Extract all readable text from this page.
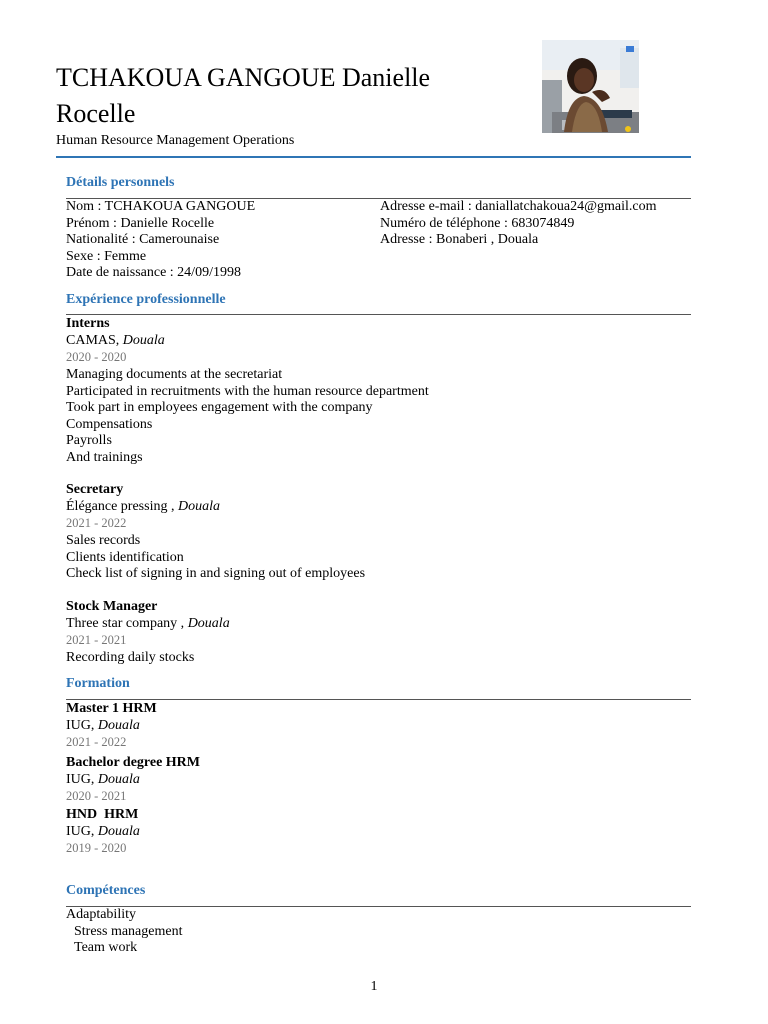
TCHAKOUA GANGOUE Danielle
Rocelle
Human Resource Management Operations
Détails personnels
Nom : TCHAKOUA GANGOUE
Prénom : Danielle Rocelle
Nationalité : Camerounaise
Sexe : Femme
Date de naissance : 24/09/1998
Adresse e-mail : daniallatchakoua24@gmail.com
Numéro de téléphone : 683074849
Adresse : Bonaberi , Douala
Expérience professionnelle
Interns
CAMAS, Douala
2020 - 2020
Managing documents at the secretariat
Participated in recruitments with the human resource department
Took part in employees engagement with the company
Compensations
Payrolls
And trainings
Secretary
Élégance pressing , Douala
2021 - 2022
Sales records
Clients identification
Check list of signing in and signing out of employees
Stock Manager
Three star company , Douala
2021 - 2021
Recording daily stocks
Formation
Master 1 HRM
IUG, Douala
2021 - 2022
Bachelor degree HRM
IUG, Douala
2020 - 2021
HND  HRM
IUG, Douala
2019 - 2020
Compétences
Adaptability
Stress management
Team work
1
